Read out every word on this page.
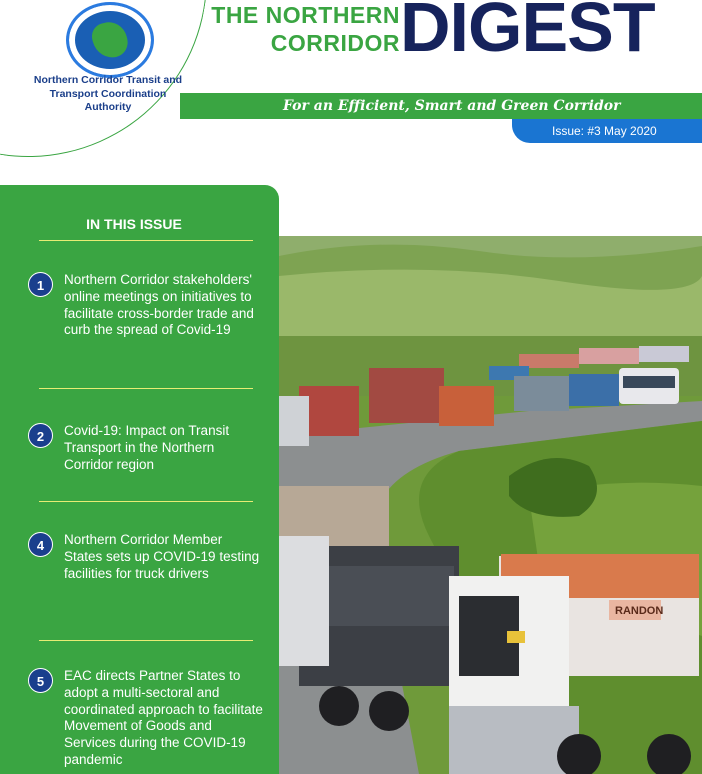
Northern Corridor Transit and Transport Coordination Authority
THE NORTHERN
CORRIDOR DIGEST
For an Efficient, Smart and Green Corridor
Issue: #3 May 2020
IN THIS ISSUE
1	Northern Corridor stakeholders' online meetings on initiatives to facilitate cross-border trade and curb the spread of Covid-19
2	Covid-19: Impact on Transit Transport in the Northern Corridor region
4	Northern Corridor Member States sets up COVID-19 testing facilities for truck drivers
5	EAC directs Partner States to adopt a multi-sectoral and coordinated approach to facilitate Movement of Goods and Services during the COVID-19 pandemic
RANDON
